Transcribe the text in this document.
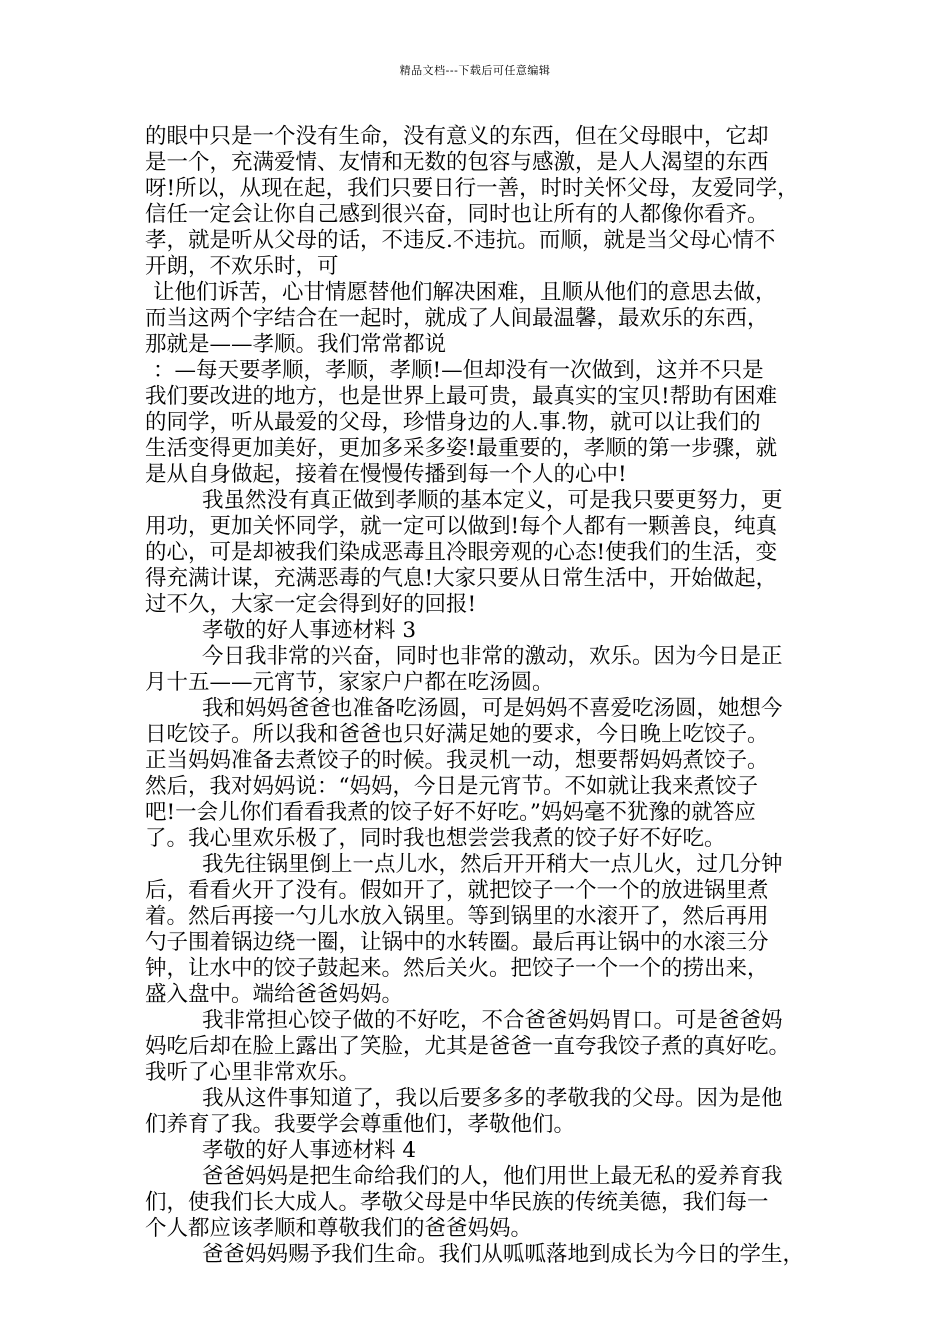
精品文档---下载后可任意编辑
的眼中只是一个没有生命，没有意义的东西，但在父母眼中，它却
是一个，充满爱情、友情和无数的包容与感激，是人人渴望的东西
呀!所以，从现在起，我们只要日行一善，时时关怀父母，友爱同学，
信任一定会让你自己感到很兴奋，同时也让所有的人都像你看齐。
孝，就是听从父母的话，不违反.不违抗。而顺，就是当父母心情不
开朗，不欢乐时，可
让他们诉苦，心甘情愿替他们解决困难，且顺从他们的意思去做，
而当这两个字结合在一起时，就成了人间最温馨，最欢乐的东西，
那就是——孝顺。我们常常都说
：—每天要孝顺，孝顺，孝顺!—但却没有一次做到，这并不只是
我们要改进的地方，也是世界上最可贵，最真实的宝贝!帮助有困难
的同学，听从最爱的父母，珍惜身边的人.事.物，就可以让我们的
生活变得更加美好，更加多采多姿!最重要的，孝顺的第一步骤，就
是从自身做起，接着在慢慢传播到每一个人的心中!
我虽然没有真正做到孝顺的基本定义，可是我只要更努力，更
用功，更加关怀同学，就一定可以做到!每个人都有一颗善良，纯真
的心，可是却被我们染成恶毒且冷眼旁观的心态!使我们的生活，变
得充满计谋，充满恶毒的气息!大家只要从日常生活中，开始做起，
过不久，大家一定会得到好的回报!
孝敬的好人事迹材料 3
今日我非常的兴奋，同时也非常的激动，欢乐。因为今日是正
月十五——元宵节，家家户户都在吃汤圆。
我和妈妈爸爸也准备吃汤圆，可是妈妈不喜爱吃汤圆，她想今
日吃饺子。所以我和爸爸也只好满足她的要求，今日晚上吃饺子。
正当妈妈准备去煮饺子的时候。我灵机一动，想要帮妈妈煮饺子。
然后，我对妈妈说：“妈妈，今日是元宵节。不如就让我来煮饺子
吧!一会儿你们看看我煮的饺子好不好吃。”妈妈毫不犹豫的就答应
了。我心里欢乐极了，同时我也想尝尝我煮的饺子好不好吃。
我先往锅里倒上一点儿水，然后开开稍大一点儿火，过几分钟
后，看看火开了没有。假如开了，就把饺子一个一个的放进锅里煮
着。然后再接一勺儿水放入锅里。等到锅里的水滚开了，然后再用
勺子围着锅边绕一圈，让锅中的水转圈。最后再让锅中的水滚三分
钟，让水中的饺子鼓起来。然后关火。把饺子一个一个的捞出来，
盛入盘中。端给爸爸妈妈。
我非常担心饺子做的不好吃，不合爸爸妈妈胃口。可是爸爸妈
妈吃后却在脸上露出了笑脸，尤其是爸爸一直夸我饺子煮的真好吃。
我听了心里非常欢乐。
我从这件事知道了，我以后要多多的孝敬我的父母。因为是他
们养育了我。我要学会尊重他们，孝敬他们。
孝敬的好人事迹材料 4
爸爸妈妈是把生命给我们的人，他们用世上最无私的爱养育我
们，使我们长大成人。孝敬父母是中华民族的传统美德，我们每一
个人都应该孝顺和尊敬我们的爸爸妈妈。
爸爸妈妈赐予我们生命。我们从呱呱落地到成长为今日的学生，
